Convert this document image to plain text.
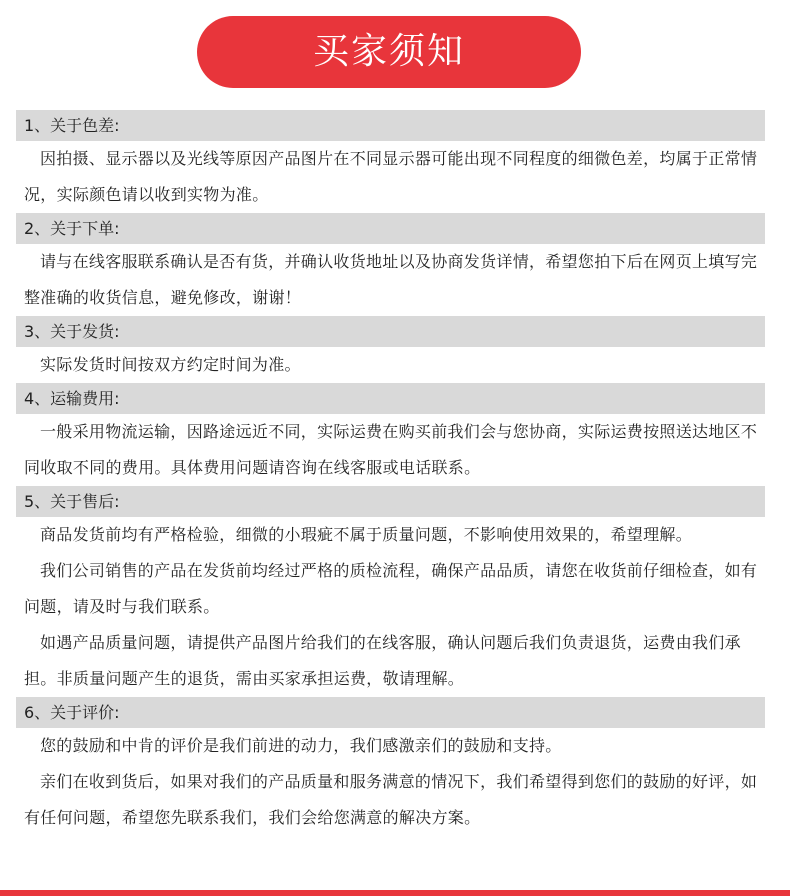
买家须知
1、关于色差:

因拍摄、显示器以及光线等原因产品图片在不同显示器可能出现不同程度的细微色差，均属于正常情况，实际颜色请以收到实物为准。

2、关于下单:

请与在线客服联系确认是否有货，并确认收货地址以及协商发货详情，希望您拍下后在网页上填写完整准确的收货信息，避免修改，谢谢！

3、关于发货:

实际发货时间按双方约定时间为准。

4、运输费用:

一般采用物流运输，因路途远近不同，实际运费在购买前我们会与您协商，实际运费按照送达地区不同收取不同的费用。具体费用问题请咨询在线客服或电话联系。

5、关于售后:

商品发货前均有严格检验，细微的小瑕疵不属于质量问题，不影响使用效果的，希望理解。

我们公司销售的产品在发货前均经过严格的质检流程，确保产品品质，请您在收货前仔细检查，如有问题，请及时与我们联系。

如遇产品质量问题，请提供产品图片给我们的在线客服，确认问题后我们负责退货，运费由我们承担。非质量问题产生的退货，需由买家承担运费，敬请理解。

6、关于评价:

您的鼓励和中肯的评价是我们前进的动力，我们感激亲们的鼓励和支持。

亲们在收到货后，如果对我们的产品质量和服务满意的情况下，我们希望得到您们的鼓励的好评，如有任何问题，希望您先联系我们，我们会给您满意的解决方案。
